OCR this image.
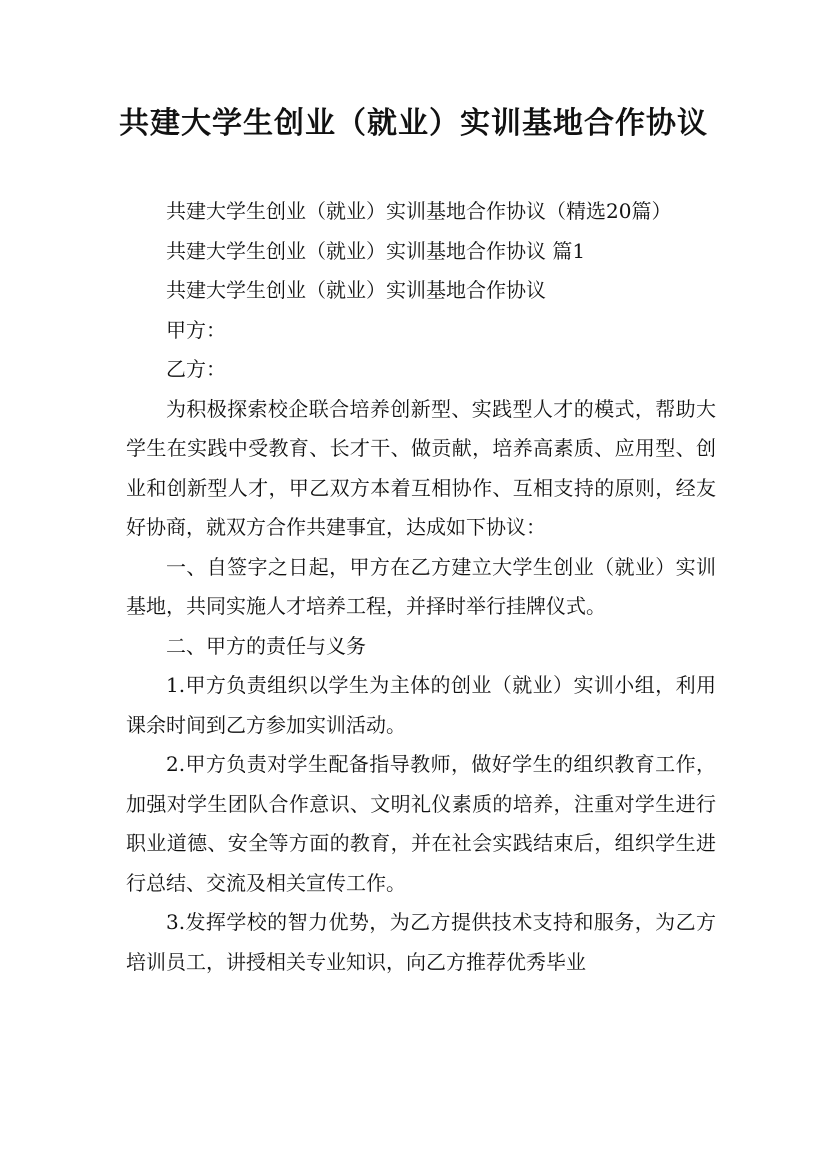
共建大学生创业（就业）实训基地合作协议

共建大学生创业（就业）实训基地合作协议（精选20篇）

共建大学生创业（就业）实训基地合作协议 篇1

共建大学生创业（就业）实训基地合作协议

甲方：

乙方：

为积极探索校企联合培养创新型、实践型人才的模式，帮助大学生在实践中受教育、长才干、做贡献，培养高素质、应用型、创业和创新型人才，甲乙双方本着互相协作、互相支持的原则，经友好协商，就双方合作共建事宜，达成如下协议：

一、自签字之日起，甲方在乙方建立大学生创业（就业）实训基地，共同实施人才培养工程，并择时举行挂牌仪式。

二、甲方的责任与义务

1.甲方负责组织以学生为主体的创业（就业）实训小组，利用课余时间到乙方参加实训活动。

2.甲方负责对学生配备指导教师，做好学生的组织教育工作，加强对学生团队合作意识、文明礼仪素质的培养，注重对学生进行职业道德、安全等方面的教育，并在社会实践结束后，组织学生进行总结、交流及相关宣传工作。

3.发挥学校的智力优势，为乙方提供技术支持和服务，为乙方培训员工，讲授相关专业知识，向乙方推荐优秀毕业
